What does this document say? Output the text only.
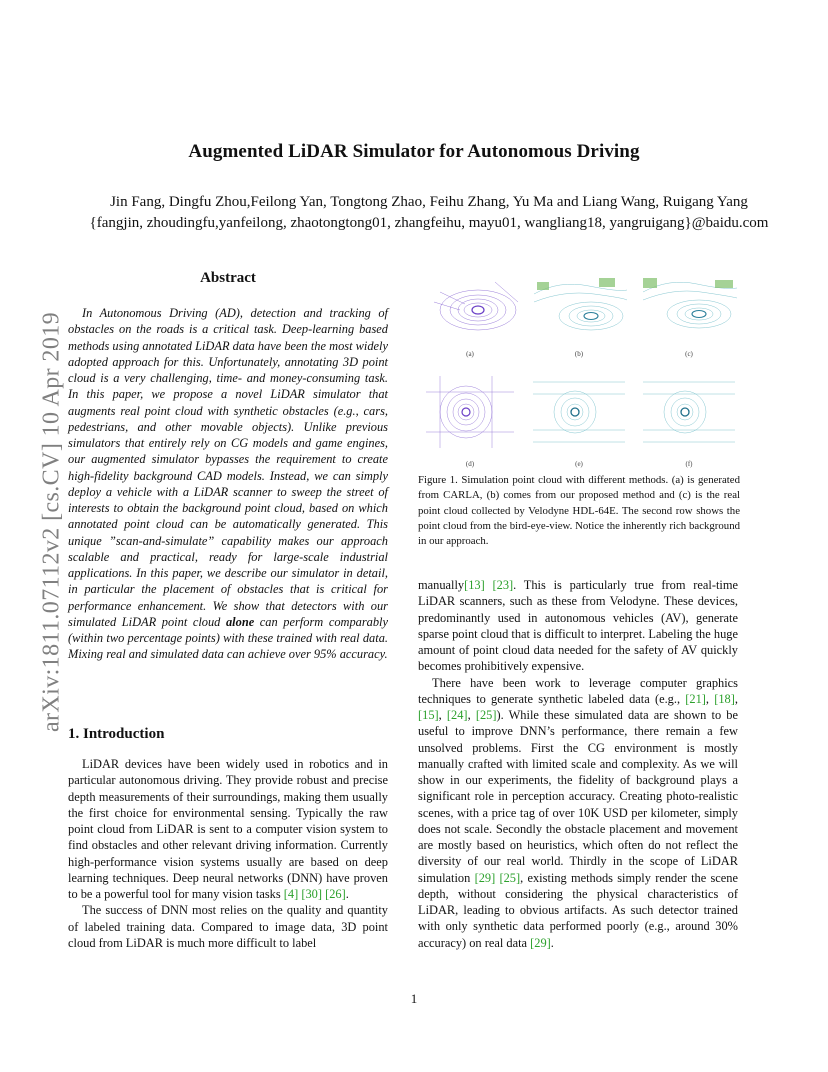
Augmented LiDAR Simulator for Autonomous Driving
Jin Fang, Dingfu Zhou,Feilong Yan, Tongtong Zhao, Feihu Zhang, Yu Ma and Liang Wang, Ruigang Yang
{fangjin, zhoudingfu,yanfeilong, zhaotongtong01, zhangfeihu, mayu01, wangliang18, yangruigang}@baidu.com
arXiv:1811.07112v2 [cs.CV] 10 Apr 2019
Abstract

In Autonomous Driving (AD), detection and tracking of obstacles on the roads is a critical task. Deep-learning based methods using annotated LiDAR data have been the most widely adopted approach for this. Unfortunately, annotating 3D point cloud is a very challenging, time- and money-consuming task. In this paper, we propose a novel LiDAR simulator that augments real point cloud with synthetic obstacles (e.g., cars, pedestrians, and other movable objects). Unlike previous simulators that entirely rely on CG models and game engines, our augmented simulator bypasses the requirement to create high-fidelity background CAD models. Instead, we can simply deploy a vehicle with a LiDAR scanner to sweep the street of interests to obtain the background point cloud, based on which annotated point cloud can be automatically generated. This unique ”scan-and-simulate” capability makes our approach scalable and practical, ready for large-scale industrial applications. In this paper, we describe our simulator in detail, in particular the placement of obstacles that is critical for performance enhancement. We show that detectors with our simulated LiDAR point cloud alone can perform comparably (within two percentage points) with these trained with real data. Mixing real and simulated data can achieve over 95% accuracy.

1. Introduction

LiDAR devices have been widely used in robotics and in particular autonomous driving. They provide robust and precise depth measurements of their surroundings, making them usually the first choice for environmental sensing. Typically the raw point cloud from LiDAR is sent to a computer vision system to find obstacles and other relevant driving information. Currently high-performance vision systems usually are based on deep learning techniques. Deep neural networks (DNN) have proven to be a powerful tool for many vision tasks [4] [30] [26].

The success of DNN most relies on the quality and quantity of labeled training data. Compared to image data, 3D point cloud from LiDAR is much more difficult to label

(a)	(b)	(c)
(d)	(e)	(f)

Figure 1. Simulation point cloud with different methods. (a) is generated from CARLA, (b) comes from our proposed method and (c) is the real point cloud collected by Velodyne HDL-64E. The second row shows the point cloud from the bird-eye-view. Notice the inherently rich background in our approach.

manually[13] [23]. This is particularly true from real-time LiDAR scanners, such as these from Velodyne. These devices, predominantly used in autonomous vehicles (AV), generate sparse point cloud that is difficult to interpret. Labeling the huge amount of point cloud data needed for the safety of AV quickly becomes prohibitively expensive.

There have been work to leverage computer graphics techniques to generate synthetic labeled data (e.g., [21], [18], [15], [24], [25]). While these simulated data are shown to be useful to improve DNN’s performance, there remain a few unsolved problems. First the CG environment is mostly manually crafted with limited scale and complexity. As we will show in our experiments, the fidelity of background plays a significant role in perception accuracy. Creating photo-realistic scenes, with a price tag of over 10K USD per kilometer, simply does not scale. Secondly the obstacle placement and movement are mostly based on heuristics, which often do not reflect the diversity of our real world. Thirdly in the scope of LiDAR simulation [29] [25], existing methods simply render the scene depth, without considering the physical characteristics of LiDAR, leading to obvious artifacts. As such detector trained with only synthetic data performed poorly (e.g., around 30% accuracy) on real data [29].

1
